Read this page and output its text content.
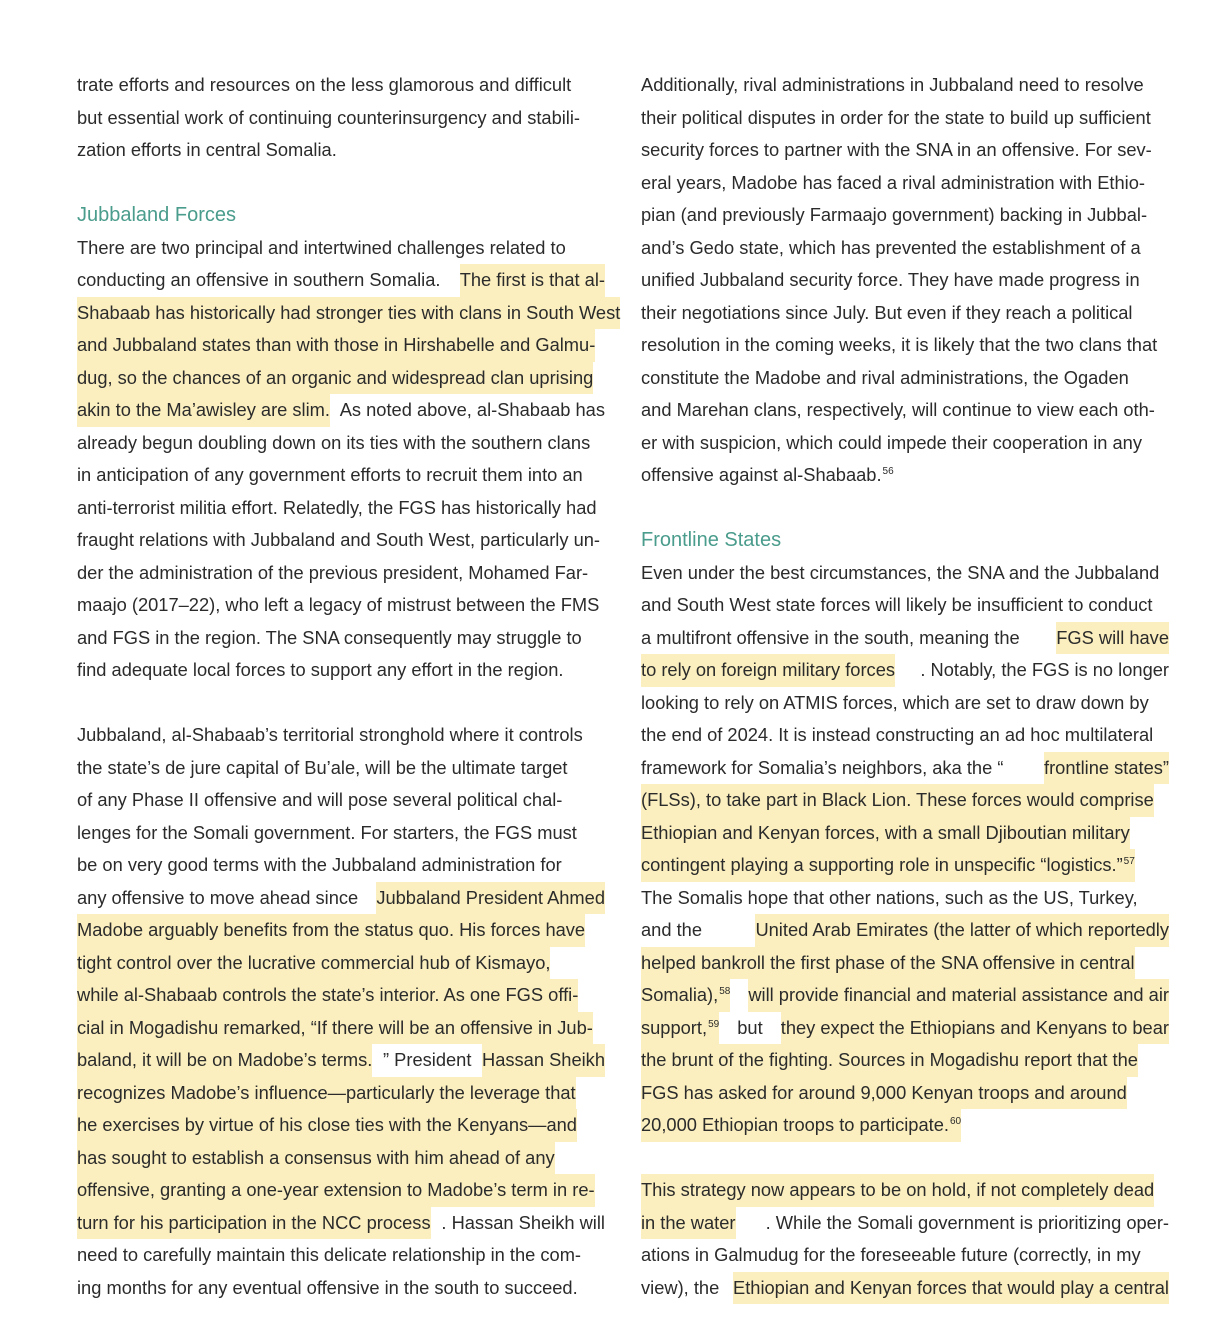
trate efforts and resources on the less glamorous and difficult
but essential work of continuing counterinsurgency and stabili-
zation efforts in central Somalia.
Jubbaland Forces
There are two principal and intertwined challenges related to
conducting an offensive in southern Somalia. The first is that al-
Shabaab has historically had stronger ties with clans in South West
and Jubbaland states than with those in Hirshabelle and Galmu-
dug, so the chances of an organic and widespread clan uprising
akin to the Ma’awisley are slim. As noted above, al-Shabaab has
already begun doubling down on its ties with the southern clans
in anticipation of any government efforts to recruit them into an
anti-terrorist militia effort. Relatedly, the FGS has historically had
fraught relations with Jubbaland and South West, particularly un-
der the administration of the previous president, Mohamed Far-
maajo (2017–22), who left a legacy of mistrust between the FMS
and FGS in the region. The SNA consequently may struggle to
find adequate local forces to support any effort in the region.
Jubbaland, al-Shabaab’s territorial stronghold where it controls
the state’s de jure capital of Bu’ale, will be the ultimate target
of any Phase II offensive and will pose several political chal-
lenges for the Somali government. For starters, the FGS must
be on very good terms with the Jubbaland administration for
any offensive to move ahead since Jubbaland President Ahmed
Madobe arguably benefits from the status quo. His forces have
tight control over the lucrative commercial hub of Kismayo,
while al-Shabaab controls the state’s interior. As one FGS offi-
cial in Mogadishu remarked, “If there will be an offensive in Jub-
baland, it will be on Madobe’s terms. ” President Hassan Sheikh
recognizes Madobe’s influence—particularly the leverage that
he exercises by virtue of his close ties with the Kenyans—and
has sought to establish a consensus with him ahead of any
offensive, granting a one-year extension to Madobe’s term in re-
turn for his participation in the NCC process . Hassan Sheikh will
need to carefully maintain this delicate relationship in the com-
ing months for any eventual offensive in the south to succeed.
Additionally, rival administrations in Jubbaland need to resolve
their political disputes in order for the state to build up sufficient
security forces to partner with the SNA in an offensive. For sev-
eral years, Madobe has faced a rival administration with Ethio-
pian (and previously Farmaajo government) backing in Jubbal-
and’s Gedo state, which has prevented the establishment of a
unified Jubbaland security force. They have made progress in
their negotiations since July. But even if they reach a political
resolution in the coming weeks, it is likely that the two clans that
constitute the Madobe and rival administrations, the Ogaden
and Marehan clans, respectively, will continue to view each oth-
er with suspicion, which could impede their cooperation in any
offensive against al-Shabaab.$^{56}$
Frontline States
Even under the best circumstances, the SNA and the Jubbaland
and South West state forces will likely be insufficient to conduct
a multifront offensive in the south, meaning the FGS will have
to rely on foreign military forces . Notably, the FGS is no longer
looking to rely on ATMIS forces, which are set to draw down by
the end of 2024. It is instead constructing an ad hoc multilateral
framework for Somalia’s neighbors, aka the “ frontline states”
(FLSs), to take part in Black Lion. These forces would comprise
Ethiopian and Kenyan forces, with a small Djiboutian military
contingent playing a supporting role in unspecific “logistics.”$^{57}$
The Somalis hope that other nations, such as the US, Turkey,
and the	United Arab Emirates (the latter of which reportedly
helped bankroll the first phase of the SNA offensive in central
Somalia),$^{58}$ will provide financial and material assistance and air
support,$^{59}$ but they expect the Ethiopians and Kenyans to bear
the brunt of the fighting. Sources in Mogadishu report that the
FGS has asked for around 9,000 Kenyan troops and around
20,000 Ethiopian troops to participate.$^{60}$
This strategy now appears to be on hold, if not completely dead
in the water . While the Somali government is prioritizing oper-
ations in Galmudug for the foreseeable future (correctly, in my
view), the Ethiopian and Kenyan forces that would play a central
